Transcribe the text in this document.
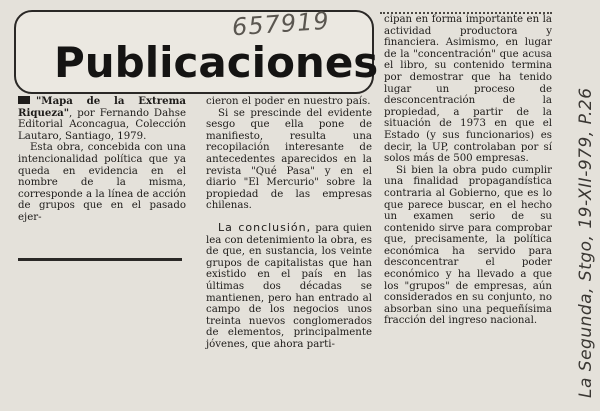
Publicaciones
657919

"Mapa de la Extrema Riqueza", por Fernando Dahse Editorial Aconcagua, Colección Lautaro, Santiago, 1979.

Esta obra, concebida con una intencionalidad política que ya queda en evidencia en el nombre de la misma, corresponde a la línea de acción de grupos que en el pasado ejer-

cieron el poder en nuestro país.

Si se prescinde del evidente sesgo que ella pone de manifiesto, resulta una recopilación interesante de antecedentes aparecidos en la revista "Qué Pasa" y en el diario "El Mercurio" sobre la propiedad de las empresas chilenas.

La conclusión, para quien lea con detenimiento la obra, es de que, en sustancia, los veinte grupos de capitalistas que han existido en el país en las últimas dos décadas se mantienen, pero han entrado al campo de los negocios unos treinta nuevos conglomerados de elementos, principalmente jóvenes, que ahora parti-

cipan en forma importante en la actividad productora y financiera. Asimismo, en lugar de la "concentración" que acusa el libro, su contenido termina por demostrar que ha tenido lugar un proceso de desconcentración de la propiedad, a partir de la situación de 1973 en que el Estado (y sus funcionarios) es decir, la UP, controlaban por sí solos más de 500 empresas.

Si bien la obra pudo cumplir una finalidad propagandística contraria al Gobierno, que es lo que parece buscar, en el hecho un examen serio de su contenido sirve para comprobar que, precisamente, la política económica ha servido para desconcentrar el poder económico y ha llevado a que los "grupos" de empresas, aún considerados en su conjunto, no absorban sino una pequeñísima fracción del ingreso nacional.	La Segunda, Stgo, 19-XII-979, P.26
